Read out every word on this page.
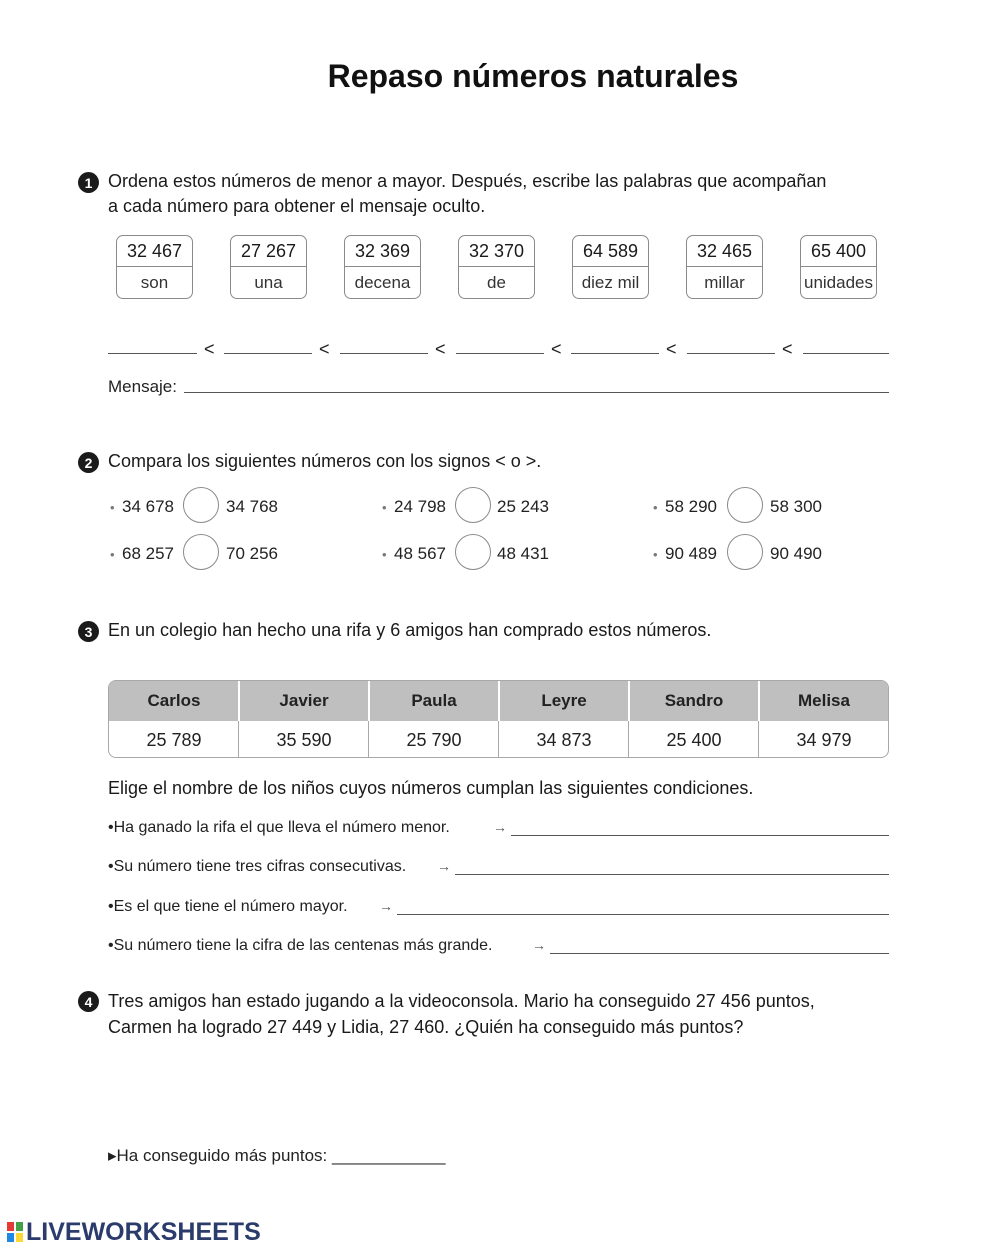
Repaso números naturales
1 Ordena estos números de menor a mayor. Después, escribe las palabras que acompañan
a cada número para obtener el mensaje oculto.
32 467
son
27 267
una
32 369
decena
32 370
de
64 589
diez mil
32 465
millar
65 400
unidades
<	<	<	<	<	<
Mensaje:
2 Compara los siguientes números con los signos < o >.
• 34 678	34 768	• 24 798	25 243	• 58 290	58 300
• 68 257	70 256	• 48 567	48 431	• 90 489	90 490
3 En un colegio han hecho una rifa y 6 amigos han comprado estos números.
Carlos	Javier	Paula	Leyre	Sandro	Melisa
25 789	35 590	25 790	34 873	25 400	34 979
Elige el nombre de los niños cuyos números cumplan las siguientes condiciones.
•Ha ganado la rifa el que lleva el número menor.	→
•Su número tiene tres cifras consecutivas. →
•Es el que tiene el número mayor. →
•Su número tiene la cifra de las centenas más grande.	→
4 Tres amigos han estado jugando a la videoconsola. Mario ha conseguido 27 456 puntos,
Carmen ha logrado 27 449 y Lidia, 27 460. ¿Quién ha conseguido más puntos?
▸Ha conseguido más puntos: ____________
LIVEWORKSHEETS
